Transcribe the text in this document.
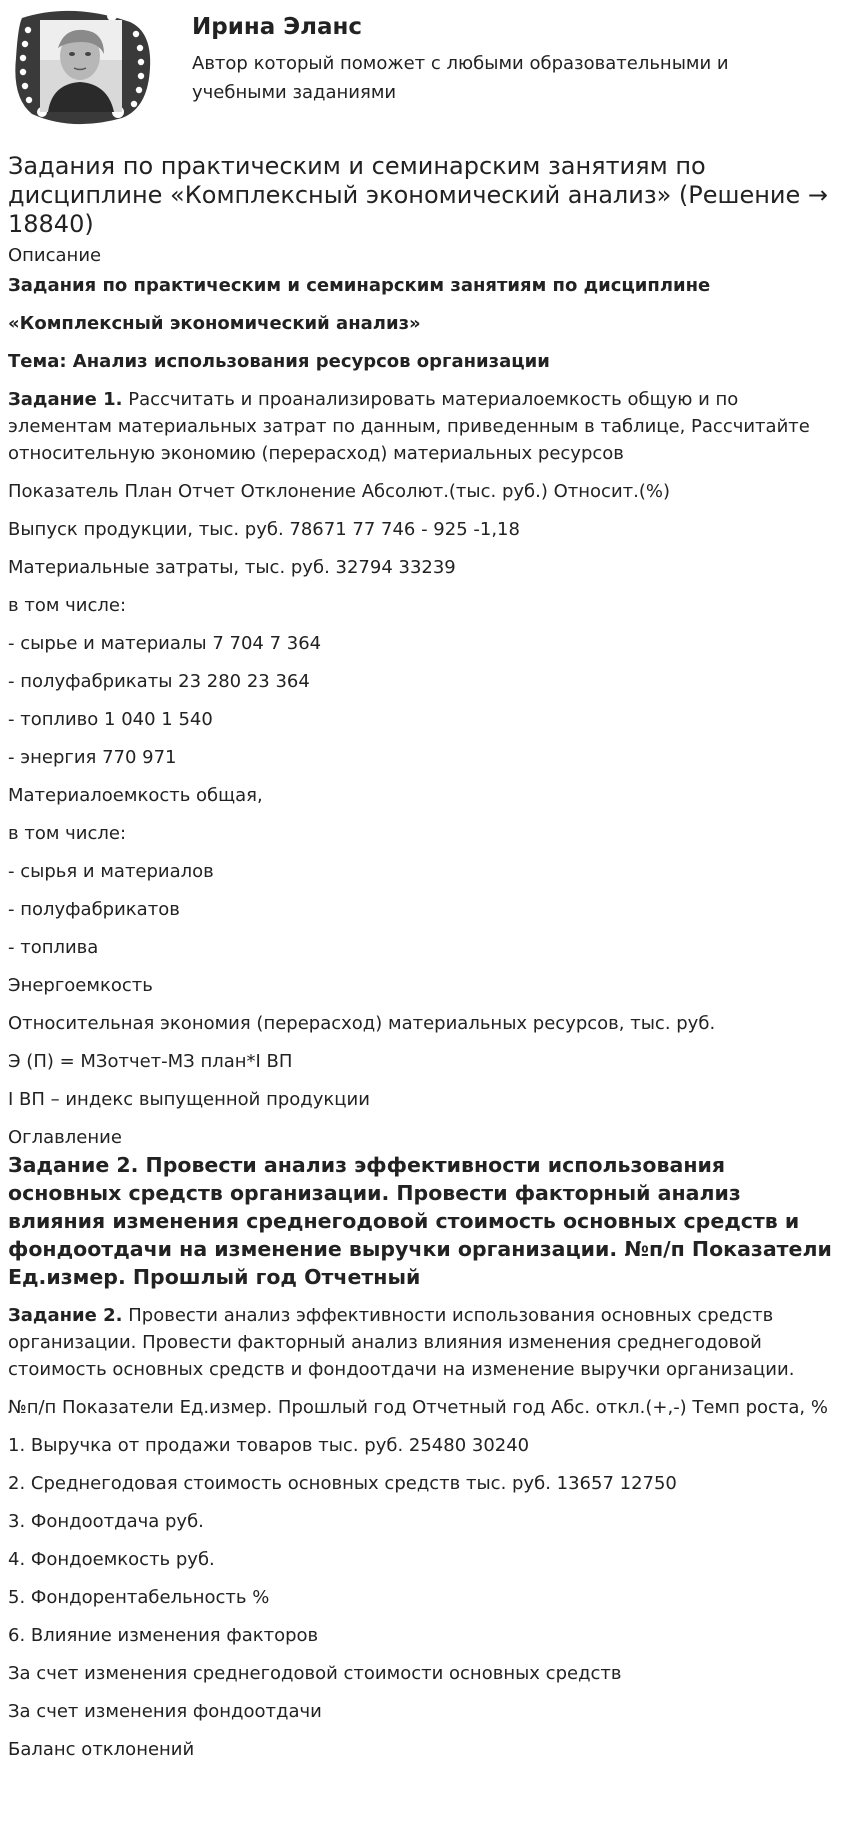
Ирина Эланс

Автор который поможет с любыми образовательными и учебными заданиями

Задания по практическим и семинарским занятиям по дисциплине «Комплексный экономический анализ» (Решение → 18840)
Описание

Задания по практическим и семинарским занятиям по дисциплине

«Комплексный экономический анализ»

Тема: Анализ использования ресурсов организации

Задание 1. Рассчитать и проанализировать материалоемкость общую и по элементам материальных затрат по данным, приведенным в таблице, Рассчитайте относительную экономию (перерасход) материальных ресурсов

Показатель План Отчет Отклонение Абсолют.(тыс. руб.) Относит.(%)

Выпуск продукции, тыс. руб. 78671 77 746 - 925 -1,18

Материальные затраты, тыс. руб. 32794 33239

в том числе:

- сырье и материалы 7 704 7 364

- полуфабрикаты 23 280 23 364

- топливо 1 040 1 540

- энергия 770 971

Материалоемкость общая,

в том числе:

- сырья и материалов

- полуфабрикатов

- топлива

Энергоемкость

Относительная экономия (перерасход) материальных ресурсов, тыс. руб.

Э (П) = МЗотчет-МЗ план*I ВП

I ВП – индекс выпущенной продукции

Оглавление
Задание 2. Провести анализ эффективности использования основных средств организации. Провести факторный анализ влияния изменения среднегодовой стоимость основных средств и фондоотдачи на изменение выручки организации. №п/п Показатели Ед.измер. Прошлый год Отчетный

Задание 2. Провести анализ эффективности использования основных средств организации. Провести факторный анализ влияния изменения среднегодовой стоимость основных средств и фондоотдачи на изменение выручки организации.

№п/п Показатели Ед.измер. Прошлый год Отчетный год Абс. откл.(+,-) Темп роста, %

1. Выручка от продажи товаров тыс. руб. 25480 30240

2. Среднегодовая стоимость основных средств тыс. руб. 13657 12750

3. Фондоотдача руб.

4. Фондоемкость руб.

5. Фондорентабельность %

6. Влияние изменения факторов

За счет изменения среднегодовой стоимости основных средств

За счет изменения фондоотдачи

Баланс отклонений
